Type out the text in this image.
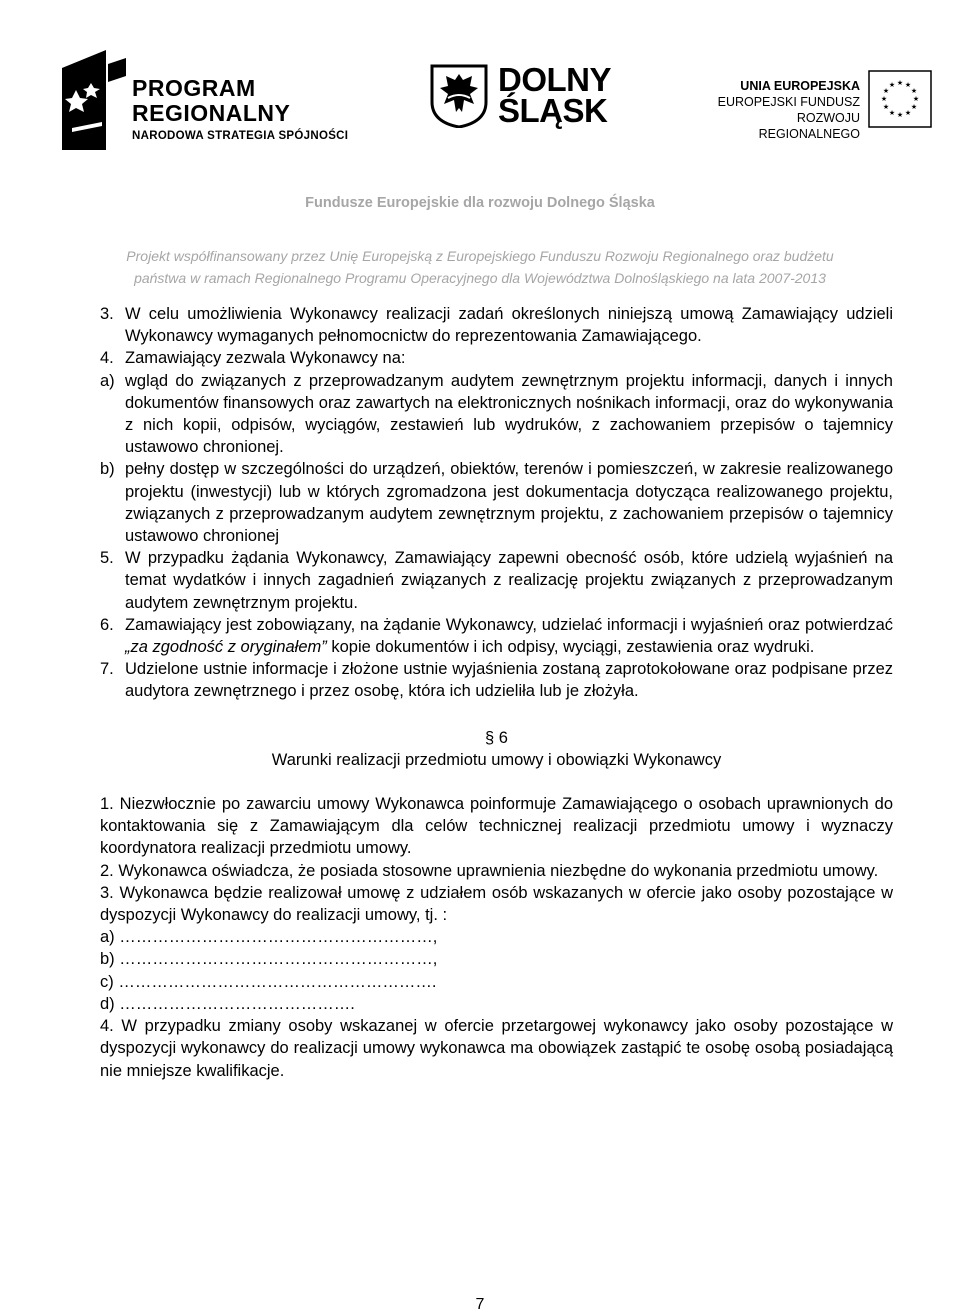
PROGRAM
REGIONALNY
NARODOWA STRATEGIA SPÓJNOŚCI
DOLNY
ŚLĄSK
UNIA EUROPEJSKA
EUROPEJSKI FUNDUSZ
ROZWOJU REGIONALNEGO
★ ★
★
★
★
★
★
★
★
★
★
★
Fundusze Europejskie dla rozwoju Dolnego Śląska
Projekt współfinansowany przez Unię Europejską z Europejskiego Funduszu Rozwoju Regionalnego oraz budżetu
państwa w ramach Regionalnego Programu Operacyjnego dla Województwa Dolnośląskiego na lata 2007-2013
3.	W celu umożliwienia Wykonawcy realizacji zadań określonych niniejszą umową Zamawiający udzieli Wykonawcy wymaganych pełnomocnictw do reprezentowania Zamawiającego.
4.	Zamawiający zezwala Wykonawcy na:
a)	wgląd do związanych z przeprowadzanym audytem zewnętrznym projektu informacji, danych i innych dokumentów finansowych oraz zawartych na elektronicznych nośnikach informacji, oraz do wykonywania z nich kopii, odpisów, wyciągów, zestawień lub wydruków, z zachowaniem przepisów o tajemnicy ustawowo chronionej.
b)	pełny dostęp w szczególności do urządzeń, obiektów, terenów i pomieszczeń, w zakresie realizowanego projektu (inwestycji) lub w których zgromadzona jest dokumentacja dotycząca realizowanego projektu, związanych z przeprowadzanym audytem zewnętrznym projektu, z zachowaniem przepisów o tajemnicy ustawowo chronionej
5.	W przypadku żądania Wykonawcy, Zamawiający zapewni obecność osób, które udzielą wyjaśnień na temat wydatków i innych zagadnień związanych z realizację projektu związanych z przeprowadzanym audytem zewnętrznym projektu.
6.	Zamawiający jest zobowiązany, na żądanie Wykonawcy, udzielać informacji i wyjaśnień oraz potwierdzać „za zgodność z oryginałem” kopie dokumentów i ich odpisy, wyciągi, zestawienia oraz wydruki.
7.	Udzielone ustnie informacje i złożone ustnie wyjaśnienia zostaną zaprotokołowane oraz podpisane przez audytora zewnętrznego i przez osobę, która ich udzieliła lub je złożyła.
§ 6
Warunki realizacji przedmiotu umowy i obowiązki Wykonawcy
1. Niezwłocznie po zawarciu umowy Wykonawca poinformuje Zamawiającego o osobach uprawnionych do kontaktowania się z Zamawiającym dla celów technicznej realizacji przedmiotu umowy i wyznaczy koordynatora realizacji przedmiotu umowy.
2. Wykonawca oświadcza, że posiada stosowne uprawnienia niezbędne do wykonania przedmiotu umowy.
3. Wykonawca będzie realizował umowę z udziałem osób wskazanych w ofercie jako osoby pozostające w dyspozycji Wykonawcy do realizacji umowy, tj. :
a) …………………………………………………,
b) …………………………………………………,
c) ………………………………………………….
d) …………………………………….
4. W przypadku zmiany osoby wskazanej w ofercie przetargowej wykonawcy jako osoby pozostające w dyspozycji wykonawcy do realizacji umowy wykonawca ma obowiązek zastąpić te osobę osobą posiadającą nie mniejsze kwalifikacje.
7
